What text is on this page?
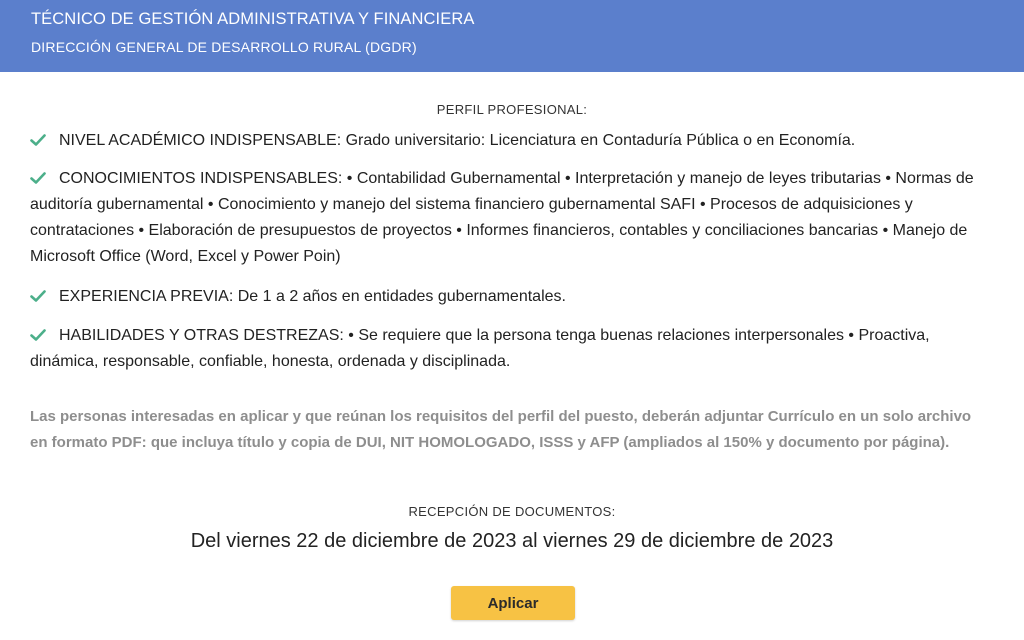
TÉCNICO DE GESTIÓN ADMINISTRATIVA Y FINANCIERA
DIRECCIÓN GENERAL DE DESARROLLO RURAL (DGDR)
PERFIL PROFESIONAL:
NIVEL ACADÉMICO INDISPENSABLE: Grado universitario: Licenciatura en Contaduría Pública o en Economía.
CONOCIMIENTOS INDISPENSABLES: • Contabilidad Gubernamental • Interpretación y manejo de leyes tributarias • Normas de auditoría gubernamental • Conocimiento y manejo del sistema financiero gubernamental SAFI • Procesos de adquisiciones y contrataciones • Elaboración de presupuestos de proyectos • Informes financieros, contables y conciliaciones bancarias • Manejo de Microsoft Office (Word, Excel y Power Poin)
EXPERIENCIA PREVIA: De 1 a 2 años en entidades gubernamentales.
HABILIDADES Y OTRAS DESTREZAS: • Se requiere que la persona tenga buenas relaciones interpersonales • Proactiva, dinámica, responsable, confiable, honesta, ordenada y disciplinada.
Las personas interesadas en aplicar y que reúnan los requisitos del perfil del puesto, deberán adjuntar Currículo en un solo archivo en formato PDF: que incluya título y copia de DUI, NIT HOMOLOGADO, ISSS y AFP (ampliados al 150% y documento por página).
RECEPCIÓN DE DOCUMENTOS:
Del viernes 22 de diciembre de 2023 al viernes 29 de diciembre de 2023
Aplicar
